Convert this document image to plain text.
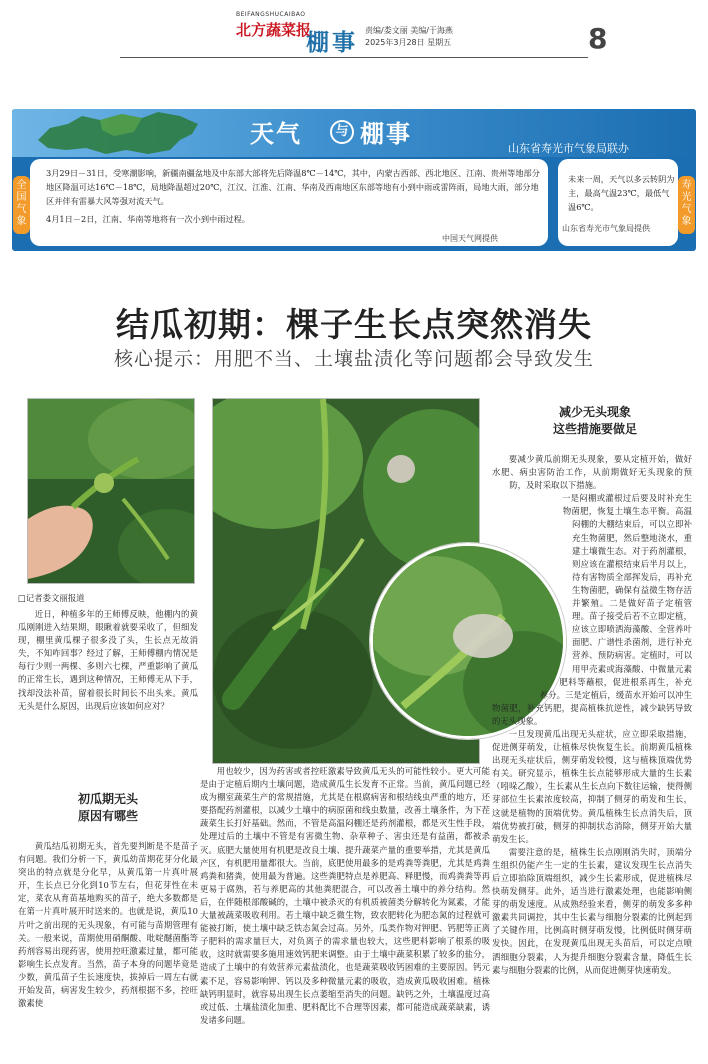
BEIFANGSHUCAIBAO
北方蔬菜报
棚事 责编/娄文丽 美编/于海燕
2025年3月28日 星期五	8
天气	与 棚事
山东省寿光市气象局联办
全国气象
寿光气象
3月29日－31日，受寒潮影响，新疆南疆盆地及中东部大部将先后降温8℃－14℃，其中，内蒙古西部、西北地区、江南、贵州等地部分地区降温可达16℃－18℃，局地降温超过20℃，江汉、江淮、江南、华南及西南地区东部等地有小到中雨或雷阵雨，局地大雨，部分地区并伴有雷暴大风等强对流天气。
4月1日－2日，江南、华南等地将有一次小到中雨过程。
中国天气网提供
未来一周，天气以多云转阴为主，最高气温23℃，最低气温6℃。
山东省寿光市气象局提供
结瓜初期：棵子生长点突然消失
核心提示：用肥不当、土壤盐渍化等问题都会导致发生
□记者娄文丽报道
近日，种植多年的王师傅反映，他棚内的黄瓜刚刚进入结果期，眼瞅着就要采收了，但细发现，棚里黄瓜棵子很多没了头，生长点无故消失，不知咋回事？经过了解，王师傅棚内情况是每行少则一两棵、多则六七棵，严重影响了黄瓜的正常生长，遇到这种情况，王师傅无从下手，找却没法补苗，留着很长时间长不出头来。黄瓜无头是什么原因，出现后应该如何应对？
初瓜期无头
原因有哪些
黄瓜结瓜初期无头，首先要判断是不是苗子有问题。我们分析一下，黄瓜幼苗期花芽分化最突出的特点就是分化早，从黄瓜第一片真叶展开，生长点已分化到10节左右，但花芽性在未定，菜农从育苗基地购买的苗子，绝大多数都是在第一片真叶展开时送来的。也就是说，黄瓜10片叶之前出现的无头现象，有可能与苗期管理有关。一般来说，苗期使用硝酮酸、吡啶醚菌酯等药剂容易出现药害，使用控旺激素过量，都可能影响生长点发育。当然，苗子本身的问题毕竟是少数，黄瓜苗子生长速度快，拔掉后一周左右就开始发苗，病害发生较少，药剂根据不多，控旺激素使
用也较少，因为药害或者控旺激素导致黄瓜无头的可能性较小。更大可能是由于定植后期内土壤问题，造成黄瓜生长发育不正常。当前，黄瓜问题已经成为棚室蔬菜生产的常规措施，尤其是在根腐病害和根结线虫严重的地方，还要搭配药剂灌根，以减少土壤中的病原菌和线虫数量，改善土壤条件，为下茬蔬菜生长打好基础。然而，不管是高温闷棚还是药剂灌根，都是灭生性手段，处理过后的土壤中不管是有害微生物、杂草种子、害虫还是有益菌，都被杀灭。底肥大量使用有机肥是改良土壤、提升蔬菜产量的重要举措，尤其是黄瓜产区，有机肥用量都很大。当前，底肥使用最多的是鸡粪等粪肥，尤其是鸡粪鸡粪和猪粪，使用最为普遍。这些粪肥特点是养肥高、释肥慢，而鸡粪粪等再更易于腐熟，若与养肥高的其他粪肥混合，可以改善土壤中的养分结构。然后，在伴随根部酸碱的，土壤中被杀灭的有机质被菌类分解转化为氮素，才能大量被蔬菜吸收利用。若土壤中缺乏微生物，致农肥转化为肥态氮的过程就可能被打断，使土壤中缺乏铁态氮会过高。另外，瓜类作物对钾肥、钙肥等正离子肥料的需求量巨大，对负离子的需求量也较大，这些肥料影响了根系的吸收，这时就需要多施用速效钙肥来调整。由于土壤中蔬菜积累了较多的盐分，造成了土壤中的有效营养元素盐渍化，也是蔬菜吸收钙困难的主要原因。钙元素不足，容易影响钾、钙以及多种微量元素的吸收，造成黄瓜吸收困难。植株缺钙明显时，就容易出现生长点萎缩至消失的问题。缺钙之外，土壤温度过高或过低、土壤盐渍化加重、肥料配比不合理等因素，都可能造成蔬菜缺素，诱发诸多问题。
减少无头现象
这些措施要做足

要减少黄瓜前期无头现象，要从定植开始，做好水肥、病虫害防治工作，从前期做好无头现象的预防，及时采取以下措施。

一是闷棚或灌根过后要及时补充生物菌肥，恢复土壤生态平衡。高温闷棚的大棚结束后，可以立即补充生物菌肥，然后整地浇水，重建土壤微生态。对于药剂灌根，则应该在灌根结束后半月以上，待有害物质全部挥发后，再补充生物菌肥，确保有益微生物存活并繁殖。二是做好苗子定植管理。苗子接受后若不立即定植，应该立即喷洒海藻酸、全营养叶面肥、广谱性杀菌剂，进行补充营养、预防病害。定植时，可以用甲壳素或海藻酸、中微量元素肥料等蘸根，促进根系再生，补充养分。三是定植后，缓苗水开始可以冲生物菌肥，补充钙肥，提高植株抗逆性，减少缺钙导致的无头现象。

一旦发现黄瓜出现无头症状，应立即采取措施，促进侧芽萌发，让植株尽快恢复生长。前期黄瓜植株出现无头症状后，侧芽萌发较慢，这与植株顶端优势有关。研究显示，植株生长点能够形成大量的生长素（吲哚乙酸），生长素从生长点向下数往运输，使得侧芽部位生长素浓度较高，抑制了侧芽的萌发和生长，这就是植物的顶端优势。黄瓜植株生长点消失后，顶端优势被打破，侧芽的抑制状态消除，侧芽开始大量萌发生长。

需要注意的是，植株生长点刚刚消失时，顶端分生组织仍能产生一定的生长素，建议发现生长点消失后立即掐除顶端组织，减少生长素形成，促进植株尽快萌发侧芽。此外，适当进行激素处理，也能影响侧芽的萌发速度。从成熟经验来看，侧芽的萌发多多种激素共同调控，其中生长素与细胞分裂素的比例起到了关键作用，比例高时侧芽萌发慢，比例低时侧芽萌发快。因此，在发现黄瓜出现无头苗后，可以定点喷洒细胞分裂素，人为提升细胞分裂素含量，降低生长素与细胞分裂素的比例，从而促进侧芽快速萌发。
